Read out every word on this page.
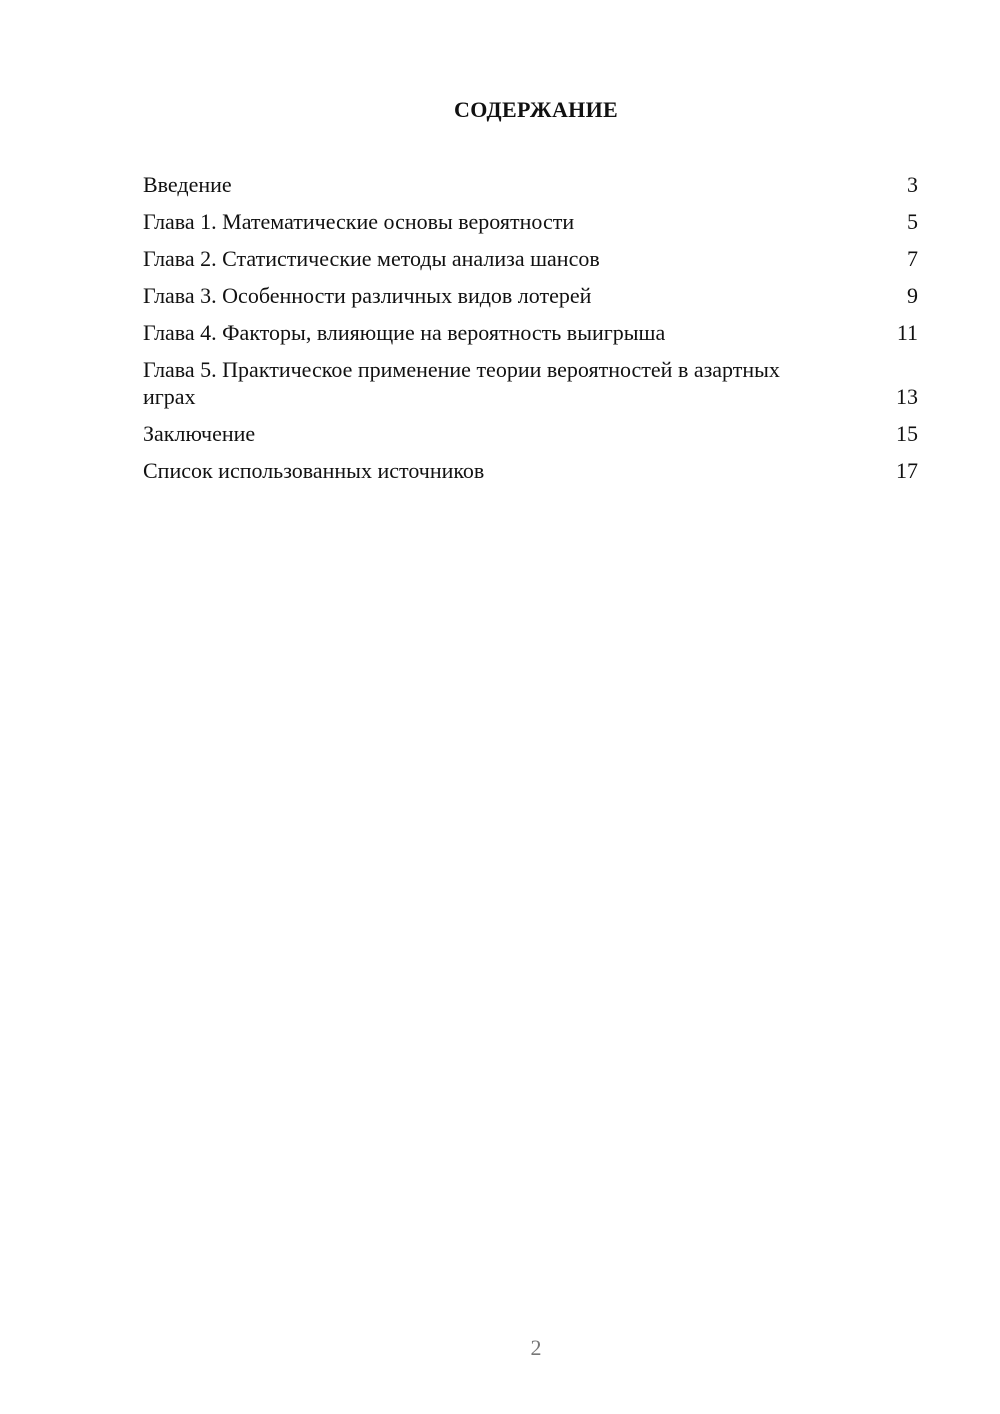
СОДЕРЖАНИЕ
Введение	3
Глава 1. Математические основы вероятности	5
Глава 2. Статистические методы анализа шансов	7
Глава 3. Особенности различных видов лотерей	9
Глава 4. Факторы, влияющие на вероятность выигрыша	11
Глава 5. Практическое применение теории вероятностей в азартных играх	13
Заключение	15
Список использованных источников	17
2
